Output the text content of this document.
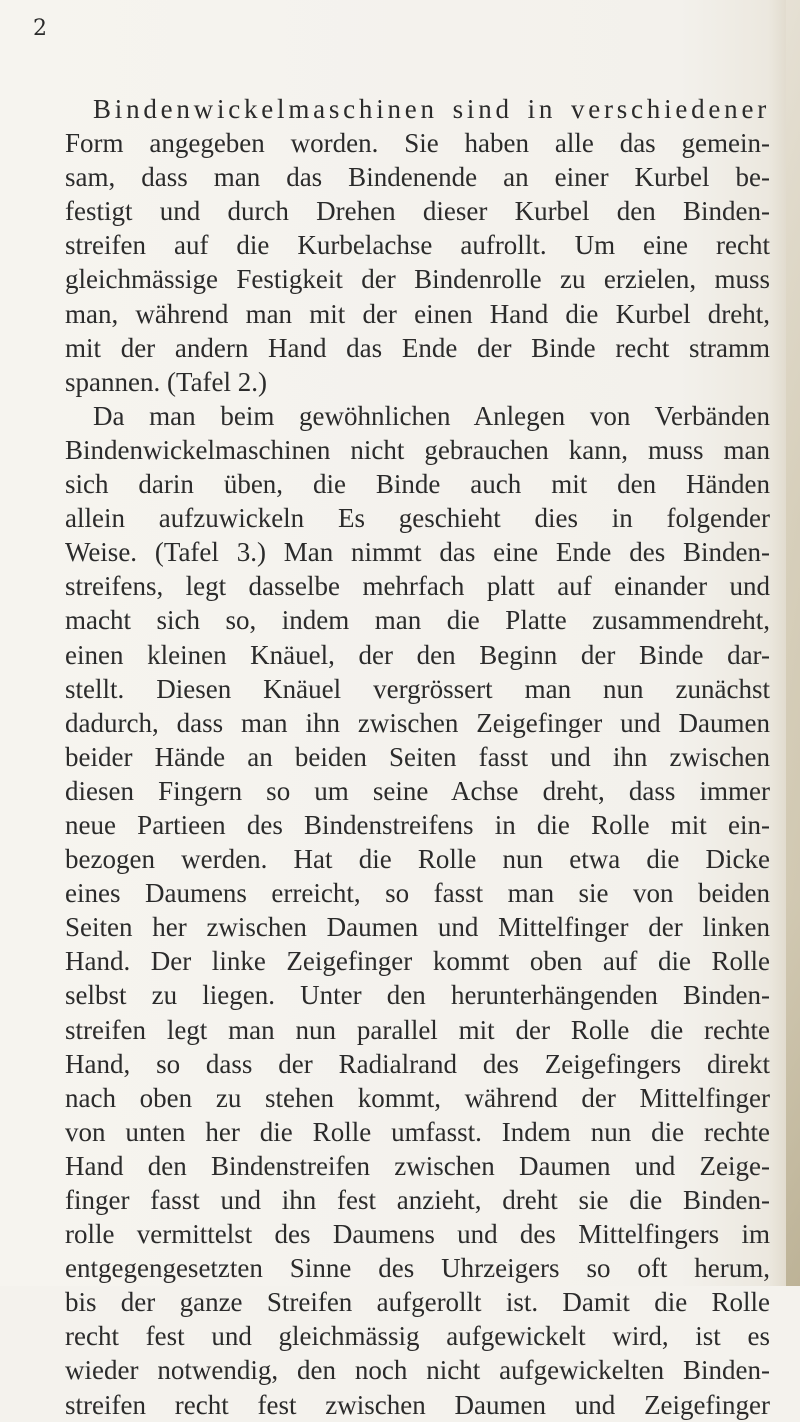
2
Bindenwickelmaschinen sind in verschiedener
Form angegeben worden. Sie haben alle das gemein-
sam, dass man das Bindenende an einer Kurbel be-
festigt und durch Drehen dieser Kurbel den Binden-
streifen auf die Kurbelachse aufrollt. Um eine recht
gleichmässige Festigkeit der Bindenrolle zu erzielen, muss
man, während man mit der einen Hand die Kurbel dreht,
mit der andern Hand das Ende der Binde recht stramm
spannen. (Tafel 2.)
Da man beim gewöhnlichen Anlegen von Verbänden
Bindenwickelmaschinen nicht gebrauchen kann, muss man
sich darin üben, die Binde auch mit den Händen
allein aufzuwickeln Es geschieht dies in folgender
Weise. (Tafel 3.) Man nimmt das eine Ende des Binden-
streifens, legt dasselbe mehrfach platt auf einander und
macht sich so, indem man die Platte zusammendreht,
einen kleinen Knäuel, der den Beginn der Binde dar-
stellt. Diesen Knäuel vergrössert man nun zunächst
dadurch, dass man ihn zwischen Zeigefinger und Daumen
beider Hände an beiden Seiten fasst und ihn zwischen
diesen Fingern so um seine Achse dreht, dass immer
neue Partieen des Bindenstreifens in die Rolle mit ein-
bezogen werden. Hat die Rolle nun etwa die Dicke
eines Daumens erreicht, so fasst man sie von beiden
Seiten her zwischen Daumen und Mittelfinger der linken
Hand. Der linke Zeigefinger kommt oben auf die Rolle
selbst zu liegen. Unter den herunterhängenden Binden-
streifen legt man nun parallel mit der Rolle die rechte
Hand, so dass der Radialrand des Zeigefingers direkt
nach oben zu stehen kommt, während der Mittelfinger
von unten her die Rolle umfasst. Indem nun die rechte
Hand den Bindenstreifen zwischen Daumen und Zeige-
finger fasst und ihn fest anzieht, dreht sie die Binden-
rolle vermittelst des Daumens und des Mittelfingers im
entgegengesetzten Sinne des Uhrzeigers so oft herum,
bis der ganze Streifen aufgerollt ist. Damit die Rolle
recht fest und gleichmässig aufgewickelt wird, ist es
wieder notwendig, den noch nicht aufgewickelten Binden-
streifen recht fest zwischen Daumen und Zeigefinger
